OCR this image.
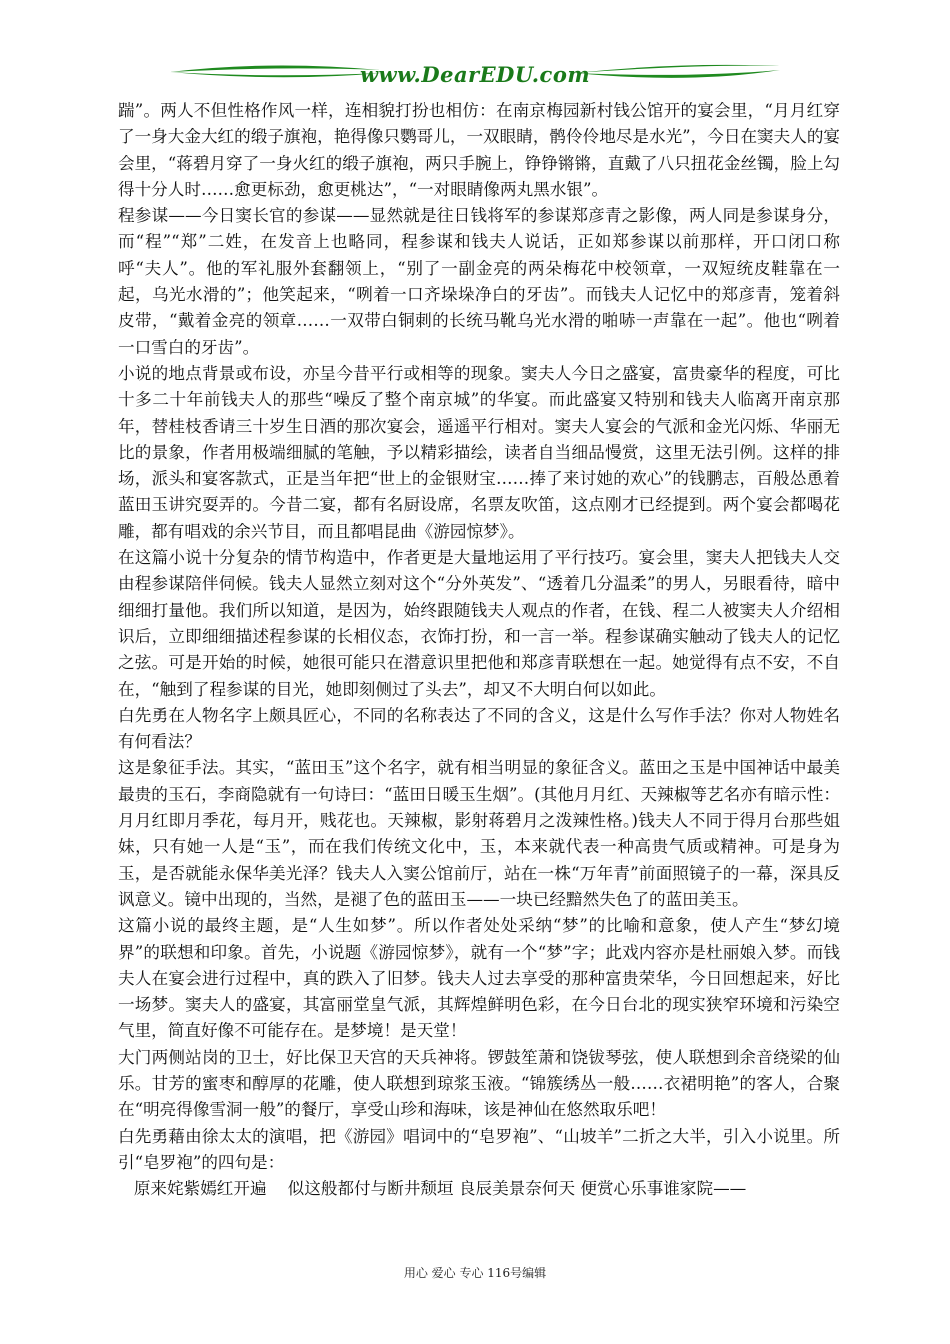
www.DearEDU.com

踹”。两人不但性格作风一样，连相貌打扮也相仿：在南京梅园新村钱公馆开的宴会里，“月月红穿了一身大金大红的缎子旗袍，艳得像只鹦哥儿，一双眼睛，鹘伶伶地尽是水光”，今日在窦夫人的宴会里，“蒋碧月穿了一身火红的缎子旗袍，两只手腕上，铮铮锵锵，直戴了八只扭花金丝镯，脸上勾得十分人时……愈更标劲，愈更桃达”，“一对眼睛像两丸黑水银”。

程参谋——今日窦长官的参谋——显然就是往日钱将军的参谋郑彦青之影像，两人同是参谋身分，而“程”“郑”二姓，在发音上也略同，程参谋和钱夫人说话，正如郑参谋以前那样，开口闭口称呼“夫人”。他的军礼服外套翻领上，“别了一副金亮的两朵梅花中校领章，一双短统皮鞋靠在一起，乌光水滑的”；他笑起来，“咧着一口齐垛垛净白的牙齿”。而钱夫人记忆中的郑彦青，笼着斜皮带，“戴着金亮的领章……一双带白铜刺的长统马靴乌光水滑的啪哧一声靠在一起”。他也“咧着一口雪白的牙齿”。

小说的地点背景或布设，亦呈今昔平行或相等的现象。窦夫人今日之盛宴，富贵豪华的程度，可比十多二十年前钱夫人的那些“噪反了整个南京城”的华宴。而此盛宴又特别和钱夫人临离开南京那年，替桂枝香请三十岁生日酒的那次宴会，遥遥平行相对。窦夫人宴会的气派和金光闪烁、华丽无比的景象，作者用极端细腻的笔触，予以精彩描绘，读者自当细品慢赏，这里无法引例。这样的排场，派头和宴客款式，正是当年把“世上的金银财宝……捧了来讨她的欢心”的钱鹏志，百般怂恿着蓝田玉讲究耍弄的。今昔二宴，都有名厨设席，名票友吹笛，这点刚才已经提到。两个宴会都喝花雕，都有唱戏的余兴节目，而且都唱昆曲《游园惊梦》。

在这篇小说十分复杂的情节构造中，作者更是大量地运用了平行技巧。宴会里，窦夫人把钱夫人交由程参谋陪伴伺候。钱夫人显然立刻对这个“分外英发”、“透着几分温柔”的男人，另眼看待，暗中细细打量他。我们所以知道，是因为，始终跟随钱夫人观点的作者，在钱、程二人被窦夫人介绍相识后，立即细细描述程参谋的长相仪态，衣饰打扮，和一言一举。程参谋确实触动了钱夫人的记忆之弦。可是开始的时候，她很可能只在潜意识里把他和郑彦青联想在一起。她觉得有点不安，不自在，“触到了程参谋的目光，她即刻侧过了头去”，却又不大明白何以如此。

白先勇在人物名字上颇具匠心，不同的名称表达了不同的含义，这是什么写作手法？你对人物姓名有何看法？

这是象征手法。其实，“蓝田玉”这个名字，就有相当明显的象征含义。蓝田之玉是中国神话中最美最贵的玉石，李商隐就有一句诗曰：“蓝田日暖玉生烟”。(其他月月红、天辣椒等艺名亦有暗示性：月月红即月季花，每月开，贱花也。天辣椒，影射蒋碧月之泼辣性格。)钱夫人不同于得月台那些姐妹，只有她一人是“玉”，而在我们传统文化中，玉，本来就代表一种高贵气质或精神。可是身为玉，是否就能永保华美光泽？钱夫人入窦公馆前厅，站在一株“万年青”前面照镜子的一幕，深具反讽意义。镜中出现的，当然，是褪了色的蓝田玉——一块已经黯然失色了的蓝田美玉。

这篇小说的最终主题，是“人生如梦”。所以作者处处采纳“梦”的比喻和意象，使人产生“梦幻境界”的联想和印象。首先，小说题《游园惊梦》，就有一个“梦”字；此戏内容亦是杜丽娘入梦。而钱夫人在宴会进行过程中，真的跌入了旧梦。钱夫人过去享受的那种富贵荣华，今日回想起来，好比一场梦。窦夫人的盛宴，其富丽堂皇气派，其辉煌鲜明色彩，在今日台北的现实狭窄环境和污染空气里，简直好像不可能存在。是梦境！是天堂！

大门两侧站岗的卫士，好比保卫天宫的天兵神将。锣鼓笙萧和饶钹琴弦，使人联想到余音绕梁的仙乐。甘芳的蜜枣和醇厚的花雕，使人联想到琼浆玉液。“锦簇绣丛一般……衣裙明艳”的客人，合聚在“明亮得像雪洞一般”的餐厅，享受山珍和海味，该是神仙在悠然取乐吧！

白先勇藉由徐太太的演唱，把《游园》唱词中的“皂罗袍”、“山坡羊”二折之大半，引入小说里。所引“皂罗袍”的四句是：

原来姹紫嫣红开遍    似这般都付与断井颓垣 良辰美景奈何天 便赏心乐事谁家院——

用心 爱心 专心 116号编辑
